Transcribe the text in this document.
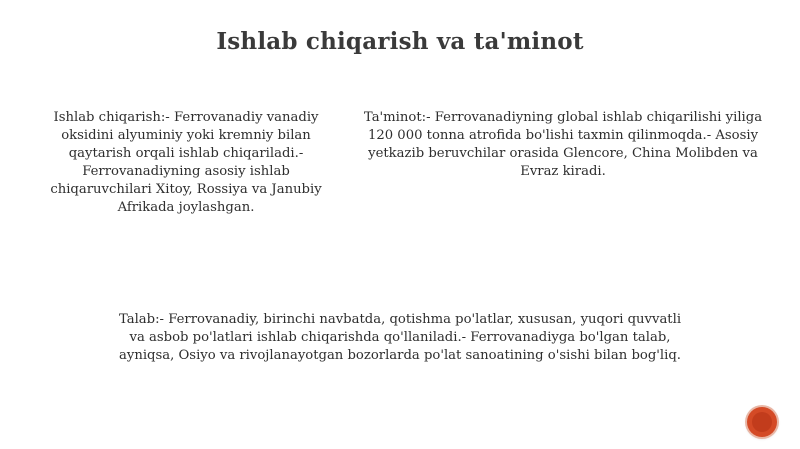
Ishlab chiqarish va ta'minot
Ishlab chiqarish:- Ferrovanadiy vanadiy oksidini alyuminiy yoki kremniy bilan qaytarish orqali ishlab chiqariladi.- Ferrovanadiyning asosiy ishlab chiqaruvchilari Xitoy, Rossiya va Janubiy Afrikada joylashgan.
Ta'minot:- Ferrovanadiyning global ishlab chiqarilishi yiliga 120 000 tonna atrofida bo'lishi taxmin qilinmoqda.- Asosiy yetkazib beruvchilar orasida Glencore, China Molibden va Evraz kiradi.
Talab:- Ferrovanadiy, birinchi navbatda, qotishma po'latlar, xususan, yuqori quvvatli va asbob po'latlari ishlab chiqarishda qo'llaniladi.- Ferrovanadiyga bo'lgan talab, ayniqsa, Osiyo va rivojlanayotgan bozorlarda po'lat sanoatining o'sishi bilan bog'liq.
